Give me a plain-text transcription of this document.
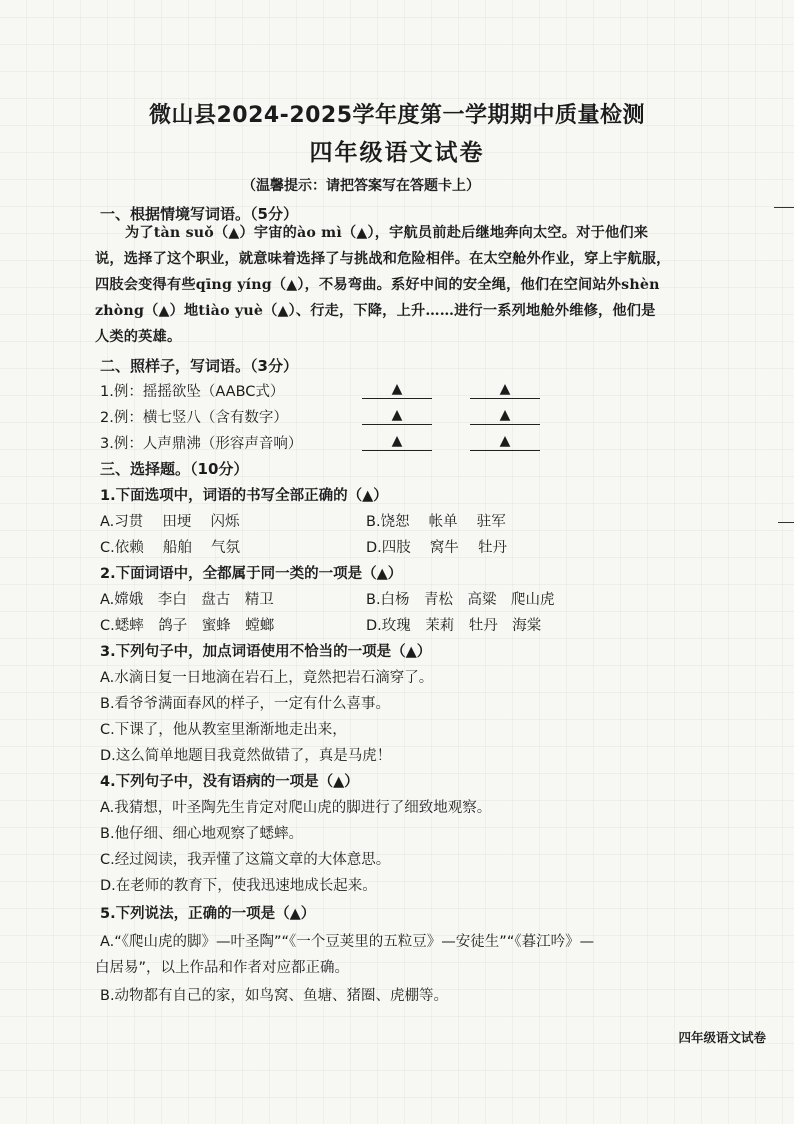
微山县2024-2025学年度第一学期期中质量检测
四年级语文试卷
（温馨提示：请把答案写在答题卡上）
一、根据情境写词语。（5分）
为了tàn suǒ（▲）宇宙的ào mì（▲），宇航员前赴后继地奔向太空。对于他们来
说，选择了这个职业，就意味着选择了与挑战和危险相伴。在太空舱外作业，穿上宇航服，
四肢会变得有些qīng yíng（▲），不易弯曲。系好中间的安全绳，他们在空间站外shèn
zhòng（▲）地tiào yuè（▲）、行走，下降，上升……进行一系列地舱外维修，他们是
人类的英雄。
二、照样子，写词语。（3分）
1.例：摇摇欲坠（AABC式）	▲	▲
2.例：横七竖八（含有数字）	▲	▲
3.例：人声鼎沸（形容声音响）	▲	▲
三、选择题。（10分）
1.下面选项中，词语的书写全部正确的（▲）
A.习贯　 田埂　 闪烁	B.饶恕　 帐单　 驻军
C.依赖　 船舶　 气氛	D.四肢　 窝牛　 牡丹
2.下面词语中，全都属于同一类的一项是（▲）
A.嫦娥　李白　盘古　精卫	B.白杨　青松　高粱　爬山虎
C.蟋蟀　鸽子　蜜蜂　螳螂	D.玫瑰　茉莉　牡丹　海棠
3.下列句子中，加点词语使用不恰当的一项是（▲）
A.水滴日复一日地滴在岩石上，竟然把岩石滴穿了。
B.看爷爷满面春风的样子，一定有什么喜事。
C.下课了，他从教室里渐渐地走出来，
D.这么简单地题目我竟然做错了，真是马虎！
4.下列句子中，没有语病的一项是（▲）
A.我猜想，叶圣陶先生肯定对爬山虎的脚进行了细致地观察。
B.他仔细、细心地观察了蟋蟀。
C.经过阅读，我弄懂了这篇文章的大体意思。
D.在老师的教育下，使我迅速地成长起来。
5.下列说法，正确的一项是（▲）
A.“《爬山虎的脚》—叶圣陶”“《一个豆荚里的五粒豆》—安徒生”“《暮江吟》—
白居易”，以上作品和作者对应都正确。
B.动物都有自己的家，如鸟窝、鱼塘、猪圈、虎棚等。
四年级语文试卷
